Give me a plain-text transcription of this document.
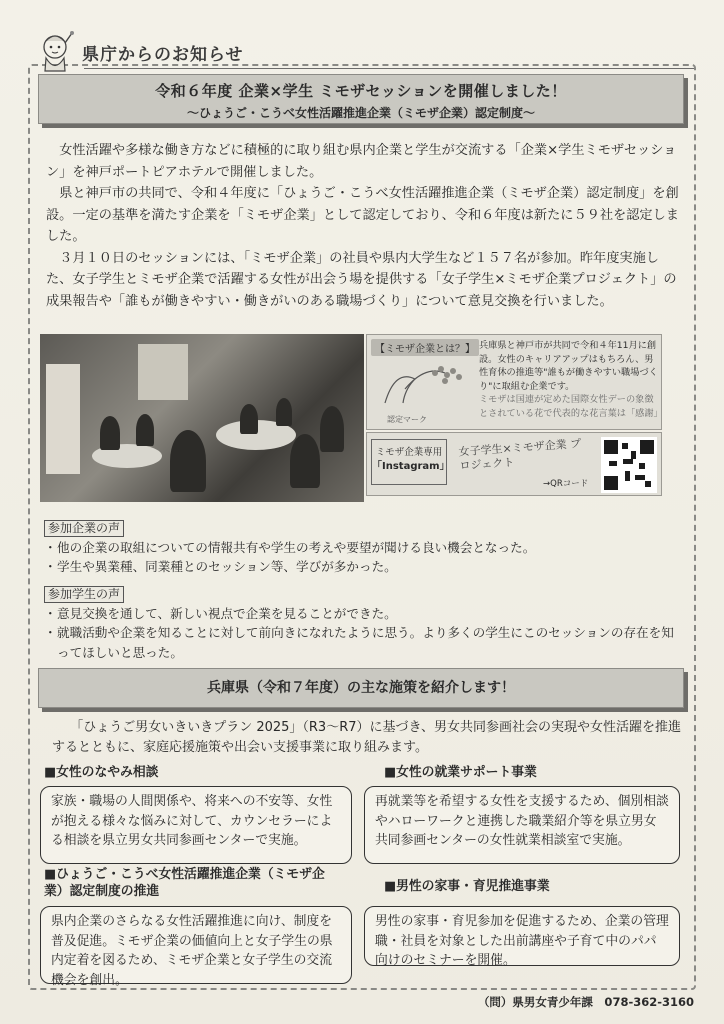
県庁からのお知らせ
令和６年度 企業×学生 ミモザセッションを開催しました！
～ひょうご・こうべ女性活躍推進企業（ミモザ企業）認定制度～

女性活躍や多様な働き方などに積極的に取り組む県内企業と学生が交流する「企業×学生ミモザセッション」を神戸ポートピアホテルで開催しました。

県と神戸市の共同で、令和４年度に「ひょうご・こうべ女性活躍推進企業（ミモザ企業）認定制度」を創設。一定の基準を満たす企業を「ミモザ企業」として認定しており、令和６年度は新たに５９社を認定しました。

３月１０日のセッションには、「ミモザ企業」の社員や県内大学生など１５７名が参加。昨年度実施した、女子学生とミモザ企業で活躍する女性が出会う場を提供する「女子学生×ミモザ企業プロジェクト」の成果報告や「誰もが働きやすい・働きがいのある職場づくり」について意見交換を行いました。

【ミモザ企業とは？】
認定マーク
兵庫県と神戸市が共同で令和４年11月に創設。女性のキャリアアップはもちろん、男性育休の推進等"誰もが働きやすい職場づくり"に取組む企業です。
ミモザは国連が定めた国際女性デーの象徴とされている花で代表的な花言葉は「感謝」
ミモザ企業専用
「Instagram」
女子学生×ミモザ企業 プロジェクト
→QRコード
参加企業の声
・ 他の企業の取組についての情報共有や学生の考えや要望が聞ける良い機会となった。
・ 学生や異業種、同業種とのセッション等、学びが多かった。
参加学生の声
・ 意見交換を通して、新しい視点で企業を見ることができた。
・ 就職活動や企業を知ることに対して前向きになれたように思う。より多くの学生にこのセッションの存在を知ってほしいと思った。
兵庫県（令和７年度）の主な施策を紹介します！

「ひょうご男女いきいきプラン 2025」（R3～R7）に基づき、男女共同参画社会の実現や女性活躍を推進するとともに、家庭応援施策や出会い支援事業に取り組みます。

■女性のなやみ相談
家族・職場の人間関係や、将来への不安等、女性が抱える様々な悩みに対して、カウンセラーによる相談を県立男女共同参画センターで実施。
■女性の就業サポート事業
再就業等を希望する女性を支援するため、個別相談やハローワークと連携した職業紹介等を県立男女共同参画センターの女性就業相談室で実施。
■ひょうご・こうべ女性活躍推進企業（ミモザ企業）認定制度の推進
県内企業のさらなる女性活躍推進に向け、制度を普及促進。ミモザ企業の価値向上と女子学生の県内定着を図るため、ミモザ企業と女子学生の交流機会を創出。
■男性の家事・育児推進事業
男性の家事・育児参加を促進するため、企業の管理職・社員を対象とした出前講座や子育て中のパパ向けのセミナーを開催。
（問）県男女青少年課　078-362-3160
